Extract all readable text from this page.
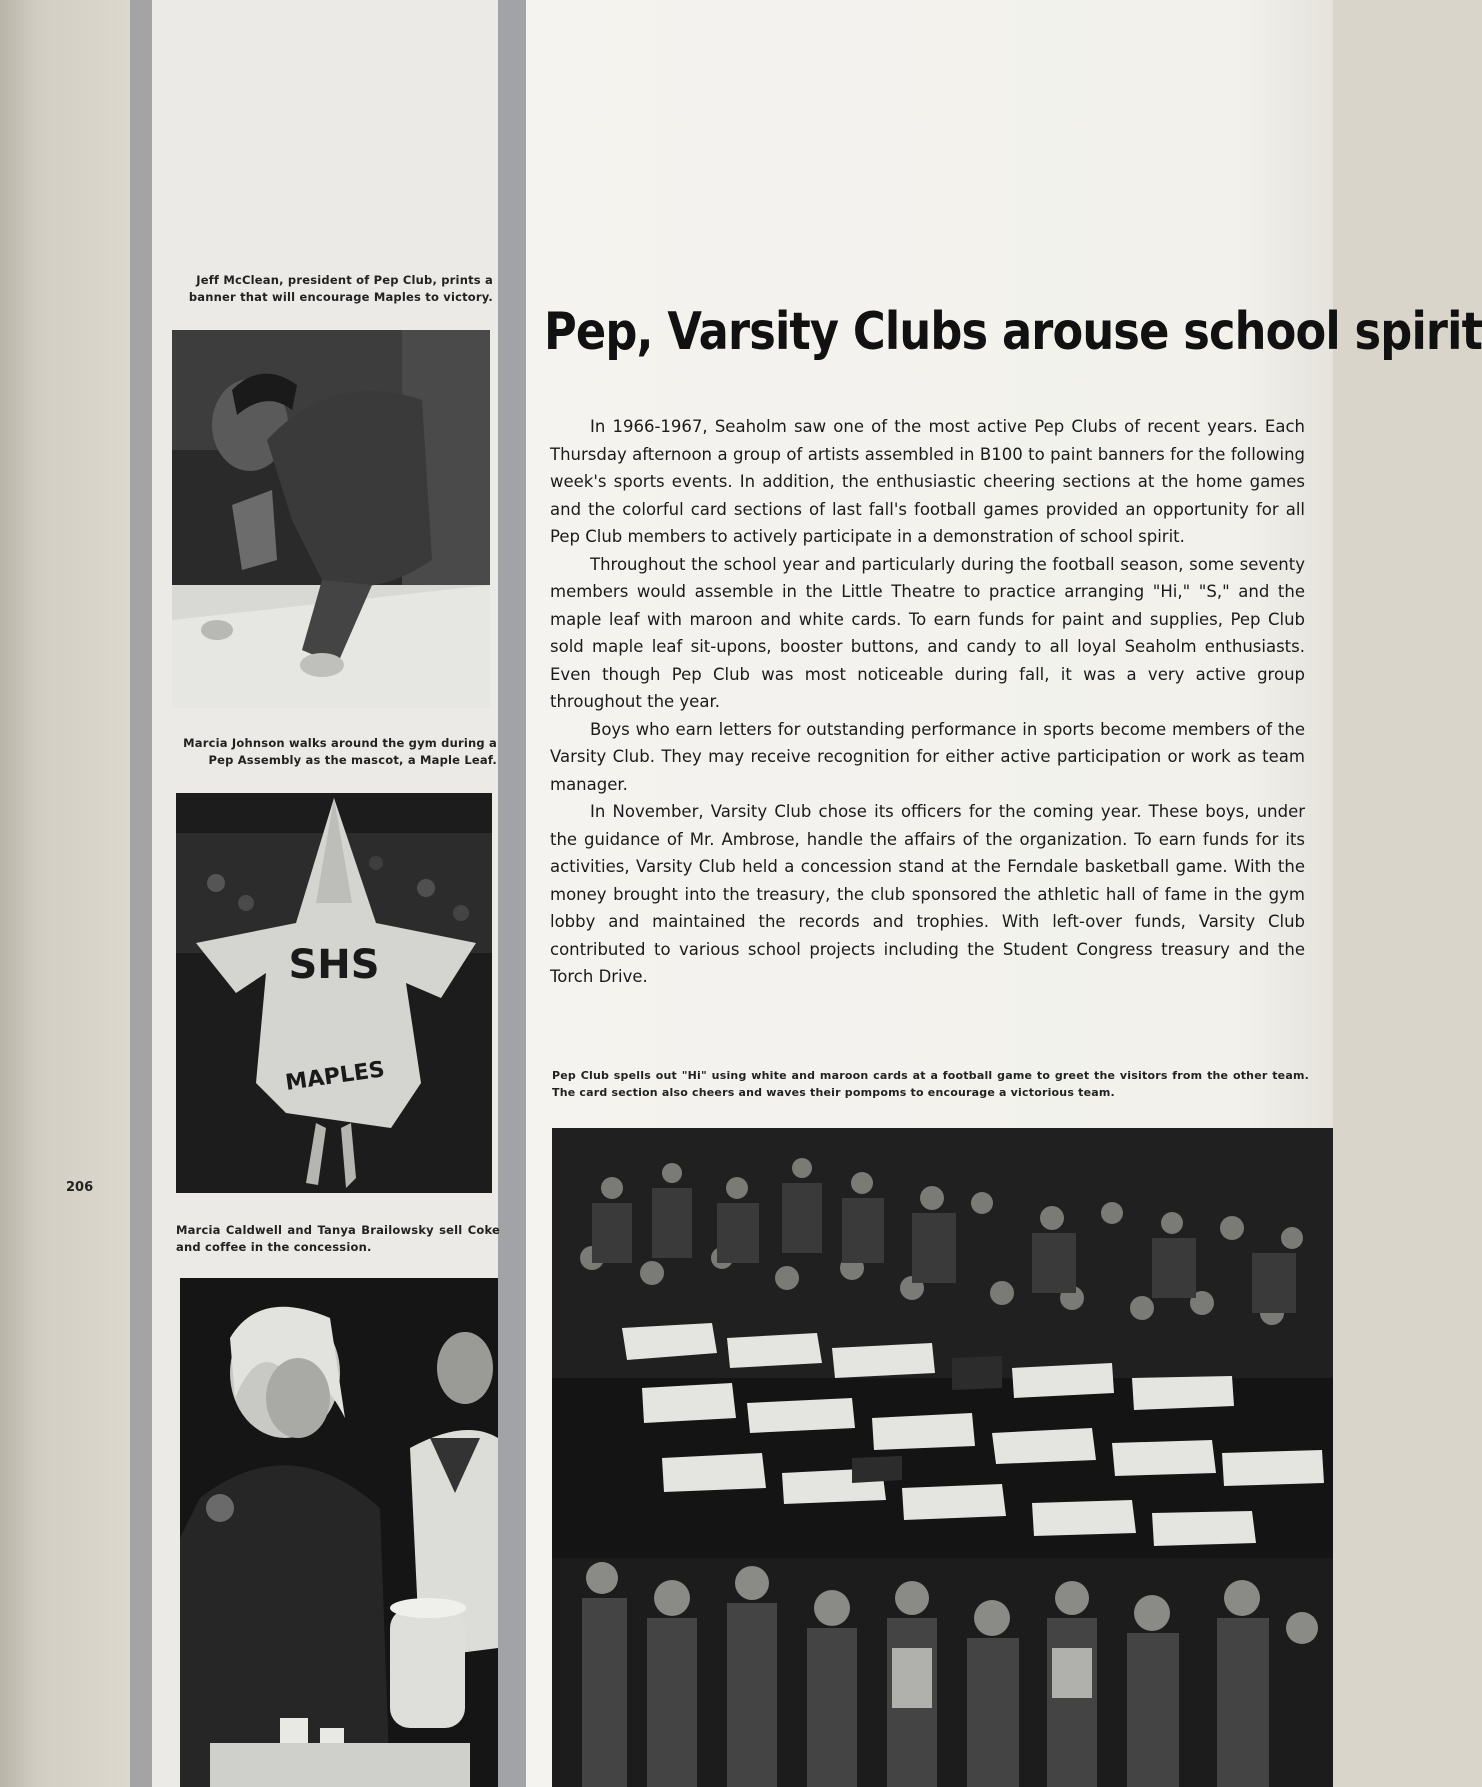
206
Jeff McClean, president of Pep Club, prints a banner that will encourage Maples to victory.
Marcia Johnson walks around the gym during a Pep Assembly as the mascot, a Maple Leaf.
SHS
MAPLES
Marcia Caldwell and Tanya Brailowsky sell Coke and coffee in the concession.
Pep, Varsity Clubs arouse school spirit

In 1966-1967, Seaholm saw one of the most active Pep Clubs of recent years. Each Thursday afternoon a group of artists assembled in B100 to paint banners for the following week's sports events. In addition, the enthusiastic cheering sections at the home games and the colorful card sections of last fall's football games provided an opportunity for all Pep Club members to actively participate in a demonstration of school spirit.

Throughout the school year and particularly during the football season, some seventy members would assemble in the Little Theatre to practice arranging "Hi," "S," and the maple leaf with maroon and white cards. To earn funds for paint and supplies, Pep Club sold maple leaf sit-upons, booster buttons, and candy to all loyal Seaholm enthusiasts. Even though Pep Club was most noticeable during fall, it was a very active group throughout the year.

Boys who earn letters for outstanding performance in sports become members of the Varsity Club. They may receive recognition for either active participation or work as team manager.

In November, Varsity Club chose its officers for the coming year. These boys, under the guidance of Mr. Ambrose, handle the affairs of the organization. To earn funds for its activities, Varsity Club held a concession stand at the Ferndale basketball game. With the money brought into the treasury, the club sponsored the athletic hall of fame in the gym lobby and maintained the records and trophies. With left-over funds, Varsity Club contributed to various school projects including the Student Congress treasury and the Torch Drive.

Pep Club spells out "Hi" using white and maroon cards at a football game to greet the visitors from the other team. The card section also cheers and waves their pompoms to encourage a victorious team.
